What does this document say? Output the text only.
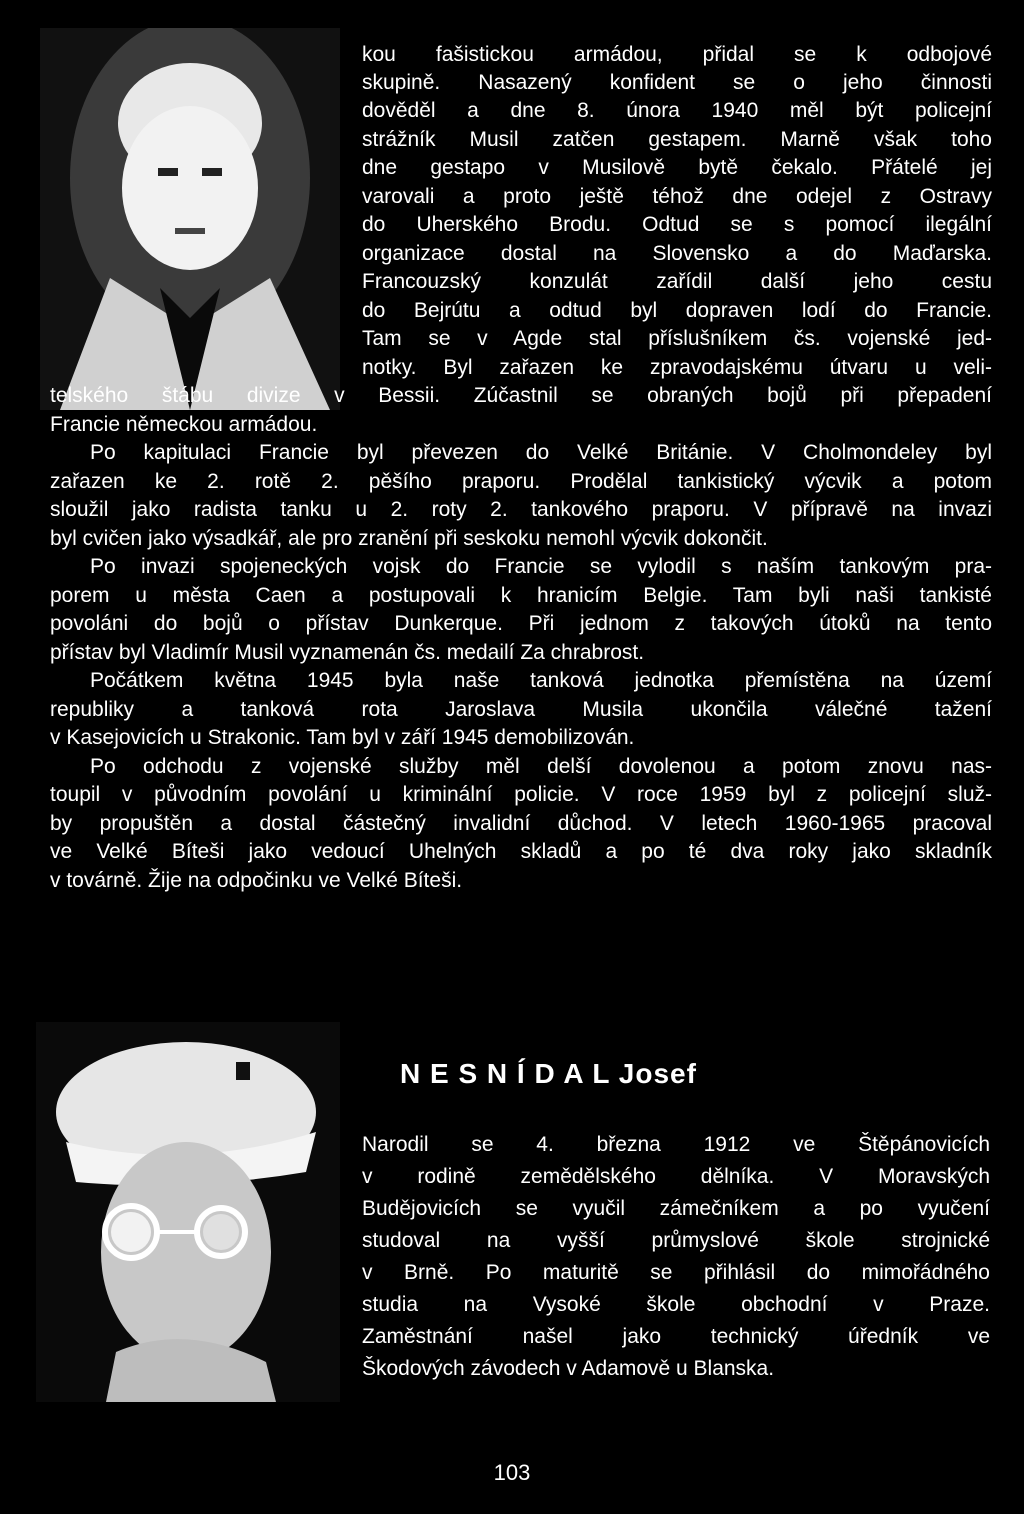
kou fašistickou armádou, přidal se k odbojové
skupině. Nasazený konfident se o jeho činnosti
dověděl a dne 8. února 1940 měl být policejní
strážník Musil zatčen gestapem. Marně však toho
dne gestapo v Musilově bytě čekalo. Přátelé jej
varovali a proto ještě téhož dne odejel z Ostravy
do Uherského Brodu. Odtud se s pomocí ilegální
organizace dostal na Slovensko a do Maďarska.
Francouzský konzulát zařídil další jeho cestu
do Bejrútu a odtud byl dopraven lodí do Francie.
Tam se v Agde stal příslušníkem čs. vojenské jed-
notky. Byl zařazen ke zpravodajskému útvaru u veli-
telského štábu divize v Bessii. Zúčastnil se obraných bojů při přepadení
Francie německou armádou.
Po kapitulaci Francie byl převezen do Velké Británie. V Cholmondeley byl
zařazen ke 2. rotě 2. pěšího praporu. Prodělal tankistický výcvik a potom
sloužil jako radista tanku u 2. roty 2. tankového praporu. V přípravě na invazi
byl cvičen jako výsadkář, ale pro zranění při seskoku nemohl výcvik dokončit.
Po invazi spojeneckých vojsk do Francie se vylodil s naším tankovým pra-
porem u města Caen a postupovali k hranicím Belgie. Tam byli naši tankisté
povoláni do bojů o přístav Dunkerque. Při jednom z takových útoků na tento
přístav byl Vladimír Musil vyznamenán čs. medailí Za chrabrost.
Počátkem května 1945 byla naše tanková jednotka přemístěna na území
republiky a tanková rota Jaroslava Musila ukončila válečné tažení
v Kasejovicích u Strakonic. Tam byl v září 1945 demobilizován.
Po odchodu z vojenské služby měl delší dovolenou a potom znovu nas-
toupil v původním povolání u kriminální policie. V roce 1959 byl z policejní služ-
by propuštěn a dostal částečný invalidní důchod. V letech 1960-1965 pracoval
ve Velké Bíteši jako vedoucí Uhelných skladů a po té dva roky jako skladník
v továrně. Žije na odpočinku ve Velké Bíteši.
N E S N Í D A L Josef
Narodil se 4. března 1912 ve Štěpánovicích
v rodině zemědělského dělníka. V Moravských
Budějovicích se vyučil zámečníkem a po vyučení
studoval na vyšší průmyslové škole strojnické
v Brně. Po maturitě se přihlásil do mimořádného
studia na Vysoké škole obchodní v Praze.
Zaměstnání našel jako technický úředník ve
Škodových závodech v Adamově u Blanska.
103
